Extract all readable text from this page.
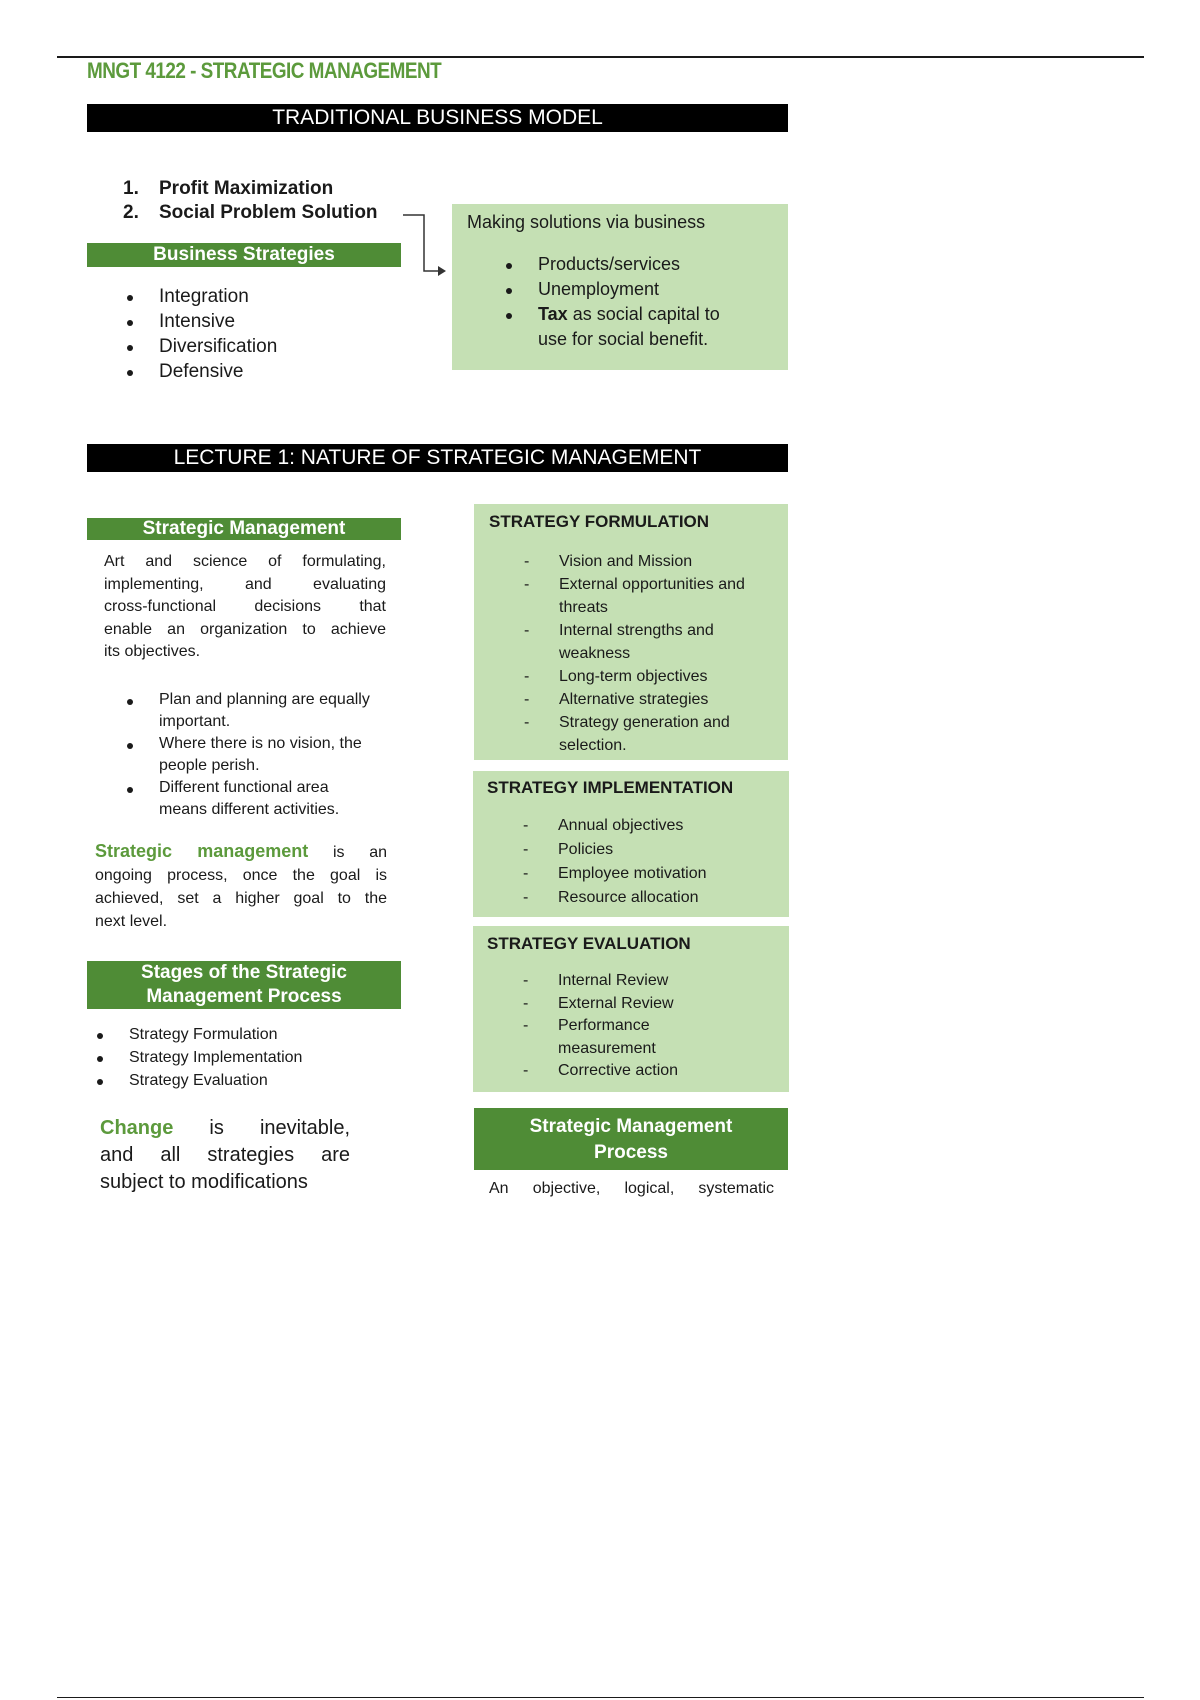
MNGT 4122 - STRATEGIC MANAGEMENT
TRADITIONAL BUSINESS MODEL
1.	Profit Maximization
2.	Social Problem Solution
Business Strategies
Integration
Intensive
Diversification
Defensive
Making solutions via business
Products/services
Unemployment
Tax as social capital to
use for social benefit.
LECTURE 1: NATURE OF STRATEGIC MANAGEMENT
Strategic Management
Art and science of formulating,
implementing, and evaluating
cross-functional decisions that
enable an organization to achieve
its objectives.
Plan and planning are equally
important.
Where there is no vision, the
people perish.
Different functional area
means different activities.
Strategic management is an
ongoing process, once the goal is
achieved, set a higher goal to the
next level.
Stages of the Strategic
Management Process
Strategy Formulation
Strategy Implementation
Strategy Evaluation
Change is inevitable,
and all strategies are
subject to modifications
STRATEGY FORMULATION
- Vision and Mission
- External opportunities and
threats
- Internal strengths and
weakness
- Long-term objectives
- Alternative strategies
- Strategy generation and
selection.
STRATEGY IMPLEMENTATION
- Annual objectives
- Policies
- Employee motivation
- Resource allocation
STRATEGY EVALUATION
- Internal Review
- External Review
- Performance
measurement
- Corrective action
Strategic Management
Process
An objective, logical, systematic
